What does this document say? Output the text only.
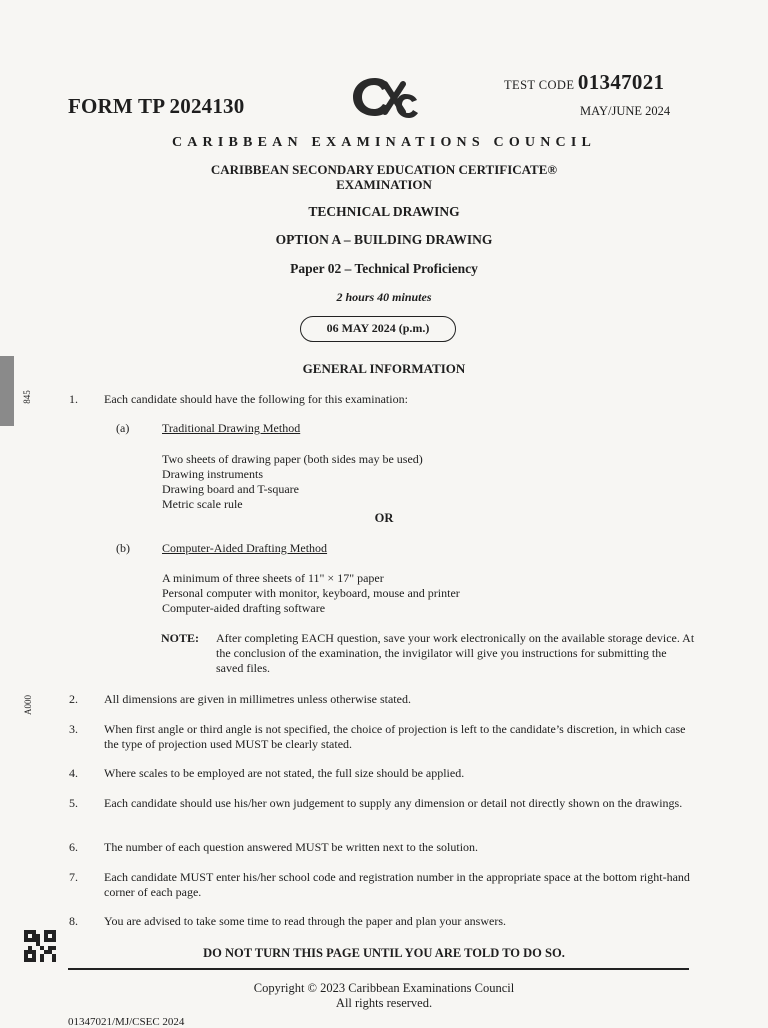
845
A000
FORM TP 2024130
TEST CODE 01347021
MAY/JUNE 2024
CARIBBEAN EXAMINATIONS COUNCIL
CARIBBEAN SECONDARY EDUCATION CERTIFICATE®
EXAMINATION
TECHNICAL DRAWING
OPTION A – BUILDING DRAWING
Paper 02 – Technical Proficiency
2 hours 40 minutes
06 MAY 2024 (p.m.)
GENERAL INFORMATION
1. Each candidate should have the following for this examination:
(a)	Traditional Drawing Method
Two sheets of drawing paper (both sides may be used)
Drawing instruments
Drawing board and T-square
Metric scale rule
OR
(b)	Computer-Aided Drafting Method
A minimum of three sheets of 11" × 17" paper
Personal computer with monitor, keyboard, mouse and printer
Computer-aided drafting software
NOTE: After completing EACH question, save your work electronically on the available storage device. At the conclusion of the examination, the invigilator will give you instructions for submitting the saved files.
2. All dimensions are given in millimetres unless otherwise stated.
3. When first angle or third angle is not specified, the choice of projection is left to the candidate’s discretion, in which case the type of projection used MUST be clearly stated.
4. Where scales to be employed are not stated, the full size should be applied.
5. Each candidate should use his/her own judgement to supply any dimension or detail not directly shown on the drawings.
6. The number of each question answered MUST be written next to the solution.
7. Each candidate MUST enter his/her school code and registration number in the appropriate space at the bottom right-hand corner of each page.
8. You are advised to take some time to read through the paper and plan your answers.
DO NOT TURN THIS PAGE UNTIL YOU ARE TOLD TO DO SO.
Copyright © 2023 Caribbean Examinations Council
All rights reserved.
01347021/MJ/CSEC 2024
